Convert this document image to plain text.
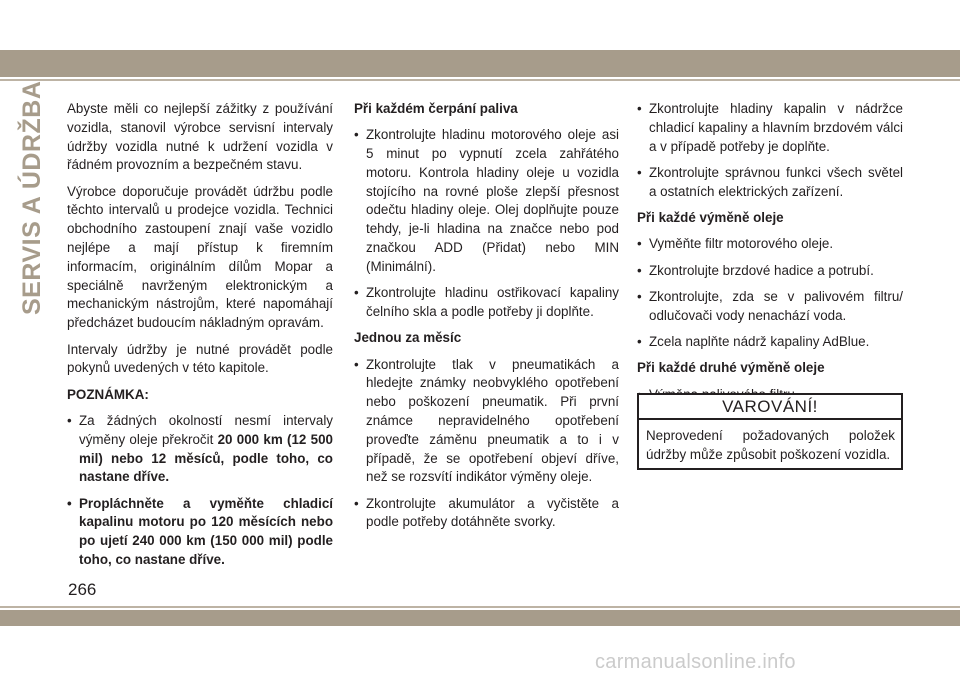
SERVIS A ÚDRŽBA Abyste měli co nejlepší zážitky z používání vozidla, stanovil výrobce servisní intervaly údržby vozidla nutné k udržení vozidla v řádném provozním a bezpečném stavu.

Výrobce doporučuje provádět údržbu podle těchto intervalů u prodejce vozidla. Technici obchodního zastoupení znají vaše vozidlo nejlépe a mají přístup k firemním informacím, originálním dílům Mopar a speciálně navrženým elektronickým a mechanickým nástrojům, které napomáhají předcházet budoucím nákladným opravám.

Intervaly údržby je nutné provádět podle pokynů uvedených v této kapitole.

POZNÁMKA:

• Za žádných okolností nesmí intervaly výměny oleje překročit 20 000 km (12 500 mil) nebo 12 měsíců, podle toho, co nastane dříve.
• Propláchněte a vyměňte chladicí kapalinu motoru po 120 měsících nebo po ujetí 240 000 km (150 000 mil) podle toho, co nastane dříve.

Při každém čerpání paliva

• Zkontrolujte hladinu motorového oleje asi 5 minut po vypnutí zcela zahřátého motoru. Kontrola hladiny oleje u vozidla stojícího na rovné ploše zlepší přesnost odečtu hladiny oleje. Olej doplňujte pouze tehdy, je-li hladina na značce nebo pod značkou ADD (Přidat) nebo MIN (Minimální).
• Zkontrolujte hladinu ostřikovací kapaliny čelního skla a podle potřeby ji doplňte.

Jednou za měsíc

• Zkontrolujte tlak v pneumatikách a hledejte známky neobvyklého opotřebení nebo poškození pneumatik. Při první známce nepravidelného opotřebení proveďte záměnu pneumatik a to i v případě, že se opotřebení objeví dříve, než se rozsvítí indikátor výměny oleje.
• Zkontrolujte akumulátor a vyčistěte a podle potřeby dotáhněte svorky.
• Zkontrolujte hladiny kapalin v nádržce chladicí kapaliny a hlavním brzdovém válci a v případě potřeby je doplňte.
• Zkontrolujte správnou funkci všech světel a ostatních elektrických zařízení.

Při každé výměně oleje

• Vyměňte filtr motorového oleje.
• Zkontrolujte brzdové hadice a potrubí.
• Zkontrolujte, zda se v palivovém filtru/ odlučovači vody nenachází voda.
• Zcela naplňte nádrž kapaliny AdBlue.

Při každé druhé výměně oleje

VAROVÁNÍ!
Neprovedení požadovaných položek údržby může způsobit poškození vozidla.
266
carmanualsonline.info
